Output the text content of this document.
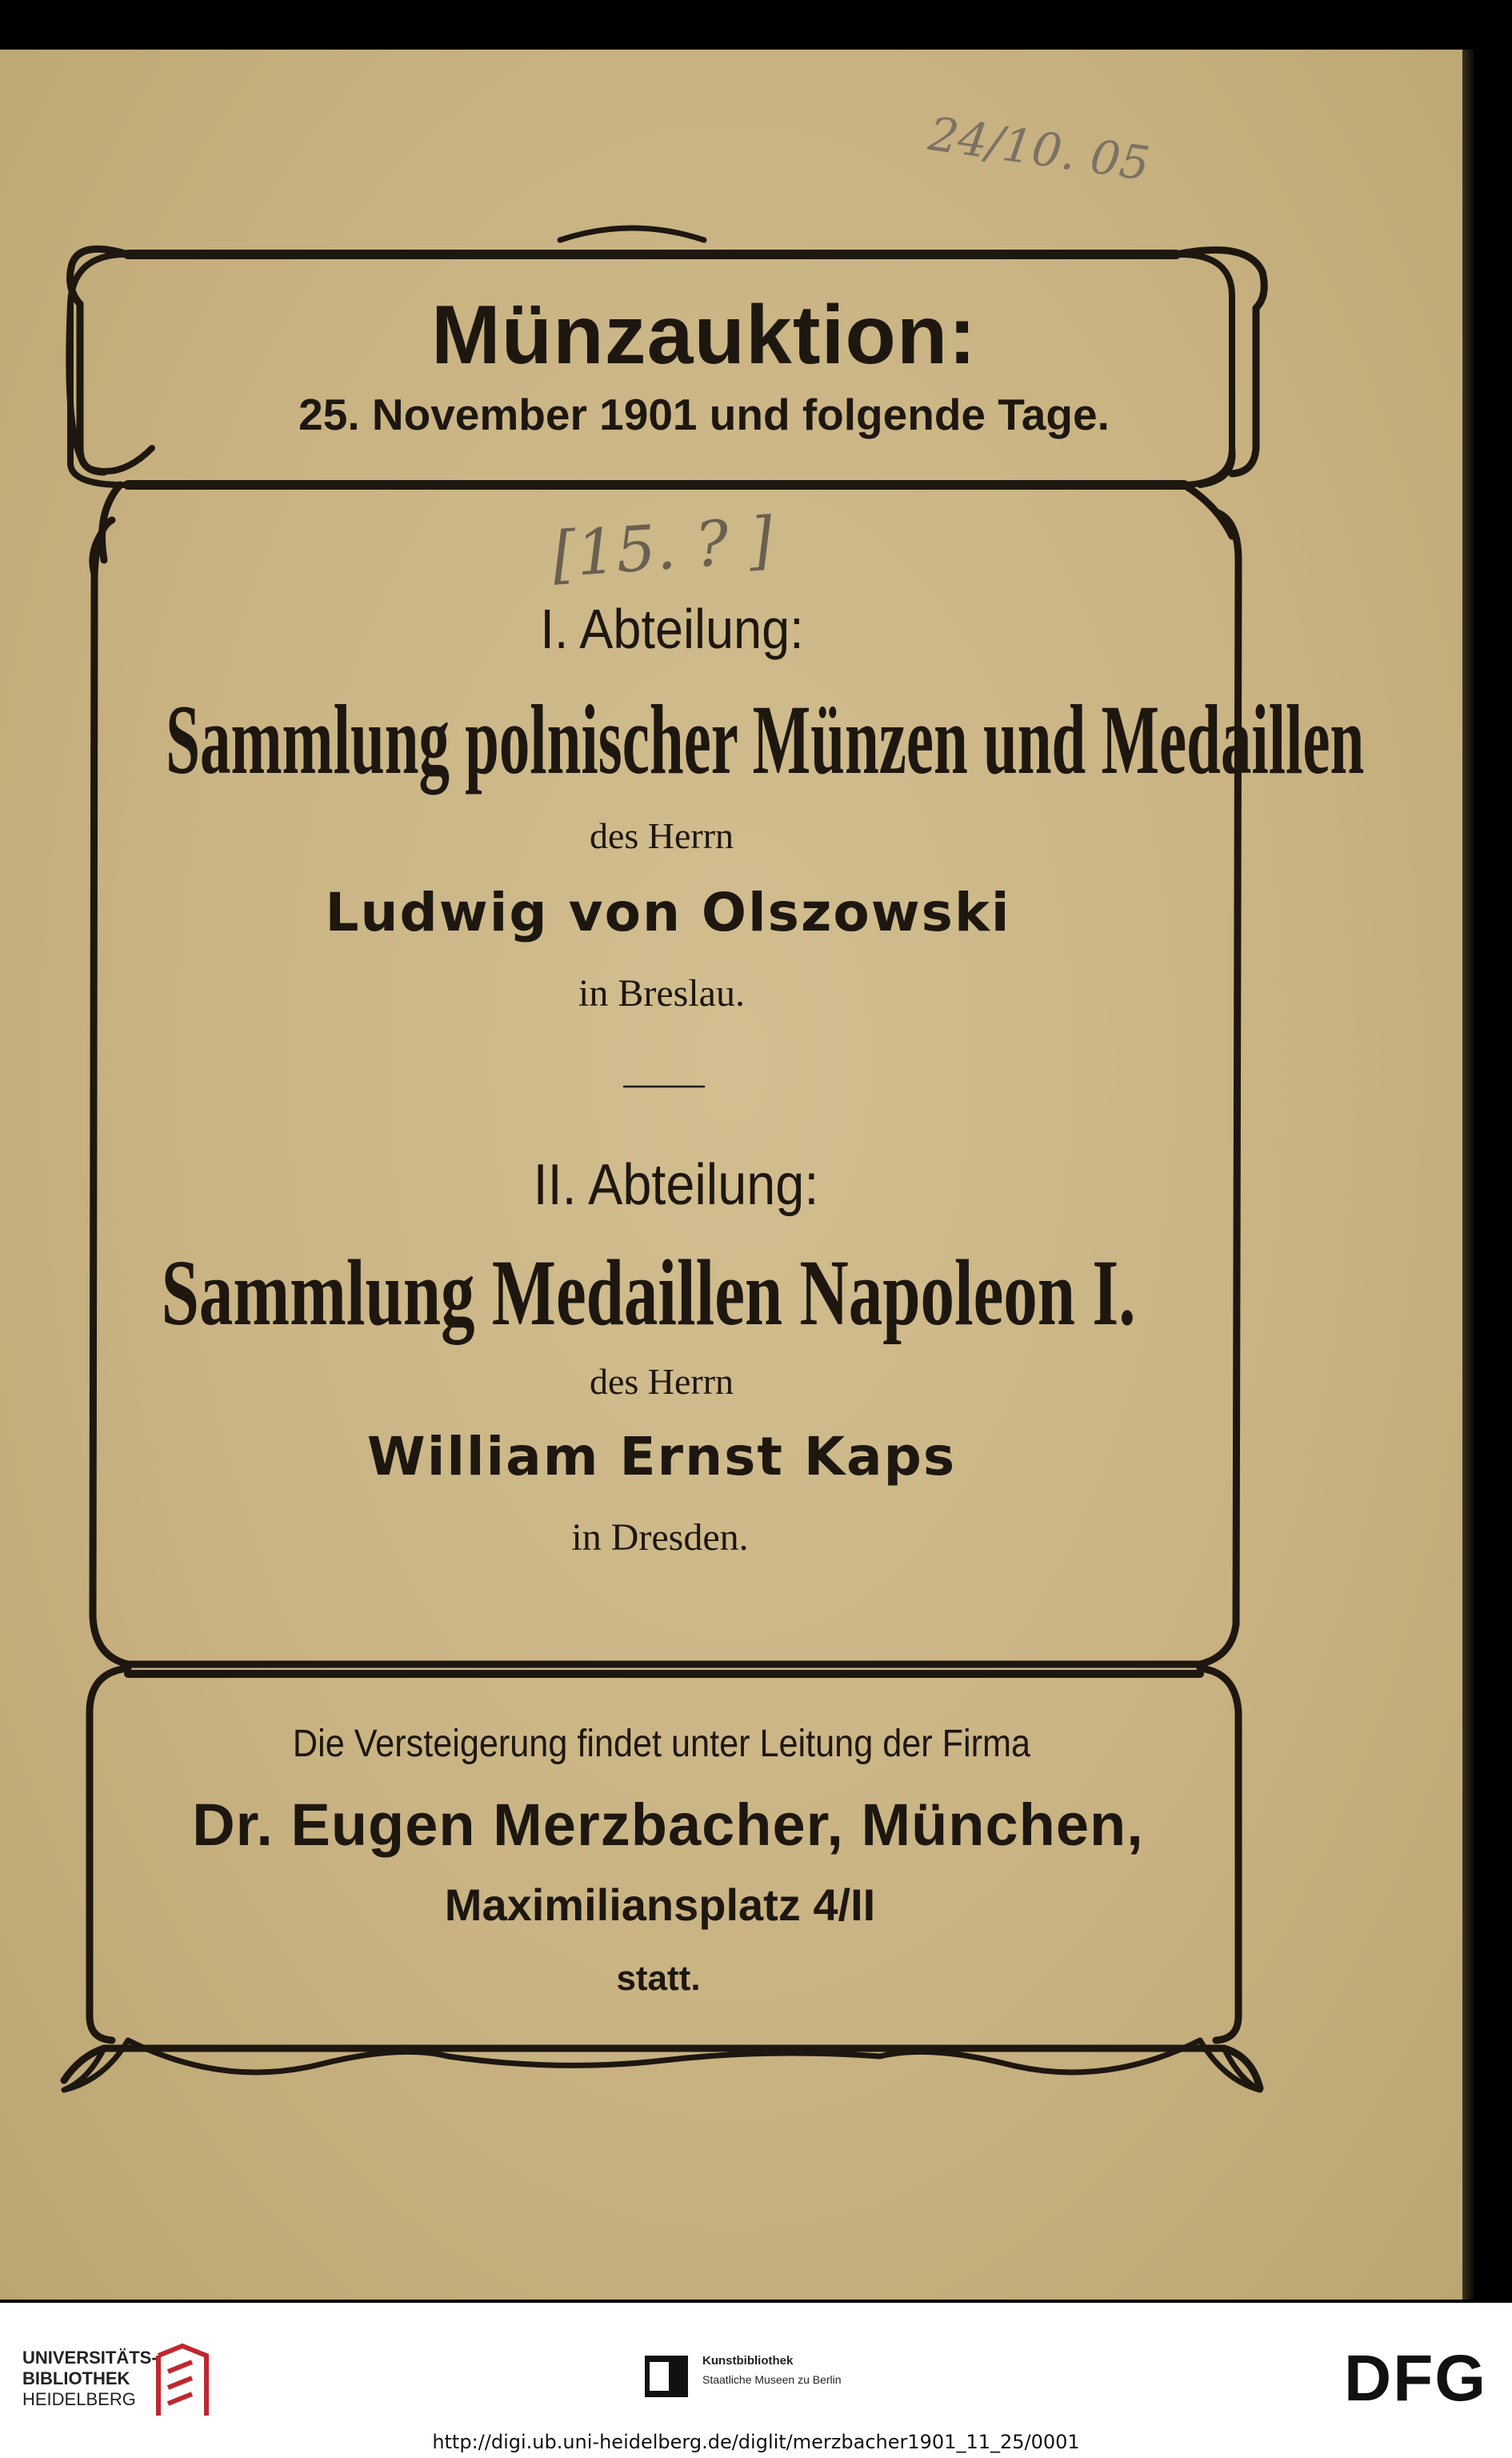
24/10. 05
[15. ? ]
Münzauktion:
25. November 1901 und folgende Tage.
I. Abteilung:
Sammlung polnischer Münzen und Medaillen
des Herrn
Ludwig von Olszowski
in Breslau.
II. Abteilung:
Sammlung Medaillen Napoleon I.
des Herrn
William Ernst Kaps
in Dresden.
Die Versteigerung findet unter Leitung der Firma
Dr. Eugen Merzbacher, München,
Maximiliansplatz 4/II
statt.
UNIVERSITÄTS-
BIBLIOTHEK
HEIDELBERG
Kunstbibliothek
Staatliche Museen zu Berlin	DFG
http://digi.ub.uni-heidelberg.de/diglit/merzbacher1901_11_25/0001
